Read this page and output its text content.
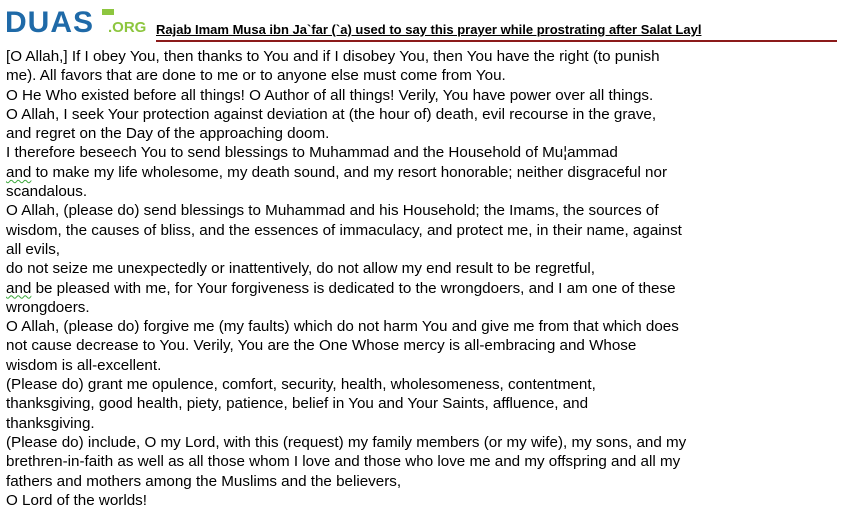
DUAS .ORG Rajab Imam Musa ibn Ja`far (`a) used to say this prayer while prostrating after Salat Layl
[O Allah,] If I obey You, then thanks to You and if I disobey You, then You have the right (to punish
me). All favors that are done to me or to anyone else must come from You.
O He Who existed before all things! O Author of all things! Verily, You have power over all things.
O Allah, I seek Your protection against deviation at (the hour of) death, evil recourse in the grave,
and regret on the Day of the approaching doom.
I therefore beseech You to send blessings to Muhammad and the Household of Mu¦ammad
and to make my life wholesome, my death sound, and my resort honorable; neither disgraceful nor
scandalous.
O Allah, (please do) send blessings to Muhammad and his Household; the Imams, the sources of
wisdom, the causes of bliss, and the essences of immaculacy, and protect me, in their name, against
all evils,
do not seize me unexpectedly or inattentively, do not allow my end result to be regretful,
and be pleased with me, for Your forgiveness is dedicated to the wrongdoers, and I am one of these
wrongdoers.
O Allah, (please do) forgive me (my faults) which do not harm You and give me from that which does
not cause decrease to You. Verily, You are the One Whose mercy is all-embracing and Whose
wisdom is all-excellent.
(Please do) grant me opulence, comfort, security, health, wholesomeness, contentment,
thanksgiving, good health, piety, patience, belief in You and Your Saints, affluence, and
thanksgiving.
(Please do) include, O my Lord, with this (request) my family members (or my wife), my sons, and my
brethren-in-faith as well as all those whom I love and those who love me and my offspring and all my
fathers and mothers among the Muslims and the believers,
O Lord of the worlds!
